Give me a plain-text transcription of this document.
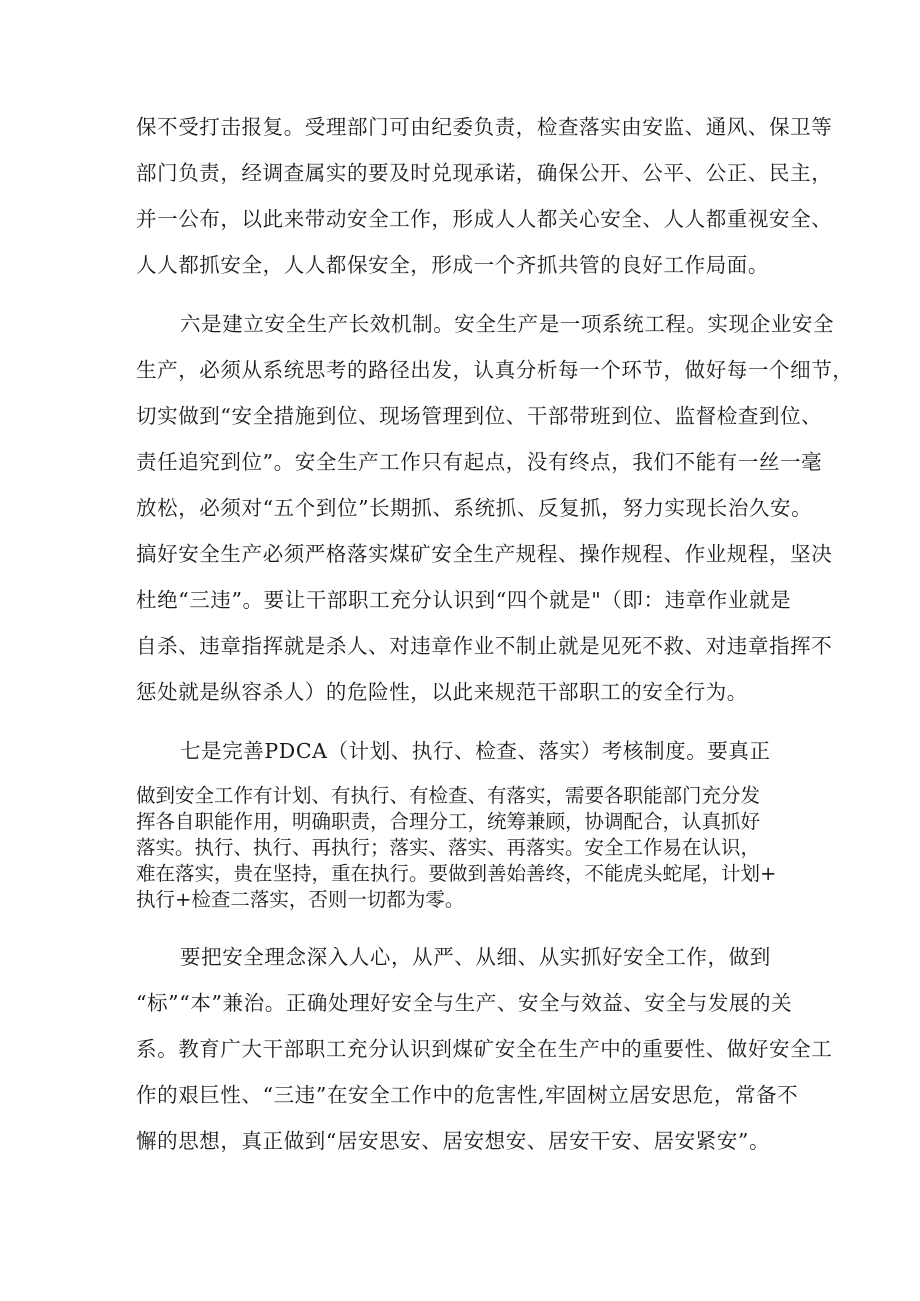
保不受打击报复。受理部门可由纪委负责，检查落实由安监、通风、保卫等
部门负责，经调查属实的要及时兑现承诺，确保公开、公平、公正、民主，
并一公布，以此来带动安全工作，形成人人都关心安全、人人都重视安全、
人人都抓安全，人人都保安全，形成一个齐抓共管的良好工作局面。
六是建立安全生产长效机制。安全生产是一项系统工程。实现企业安全
生产，必须从系统思考的路径出发，认真分析每一个环节，做好每一个细节，
切实做到“安全措施到位、现场管理到位、干部带班到位、监督检查到位、
责任追究到位”。安全生产工作只有起点，没有终点，我们不能有一丝一毫
放松，必须对“五个到位”长期抓、系统抓、反复抓，努力实现长治久安。
搞好安全生产必须严格落实煤矿安全生产规程、操作规程、作业规程，坚决
杜绝“三违”。要让干部职工充分认识到“四个就是"（即：违章作业就是
自杀、违章指挥就是杀人、对违章作业不制止就是见死不救、对违章指挥不
惩处就是纵容杀人）的危险性，以此来规范干部职工的安全行为。
七是完善PDCA（计划、执行、检查、落实）考核制度。要真正
做到安全工作有计划、有执行、有检查、有落实，需要各职能部门充分发
挥各自职能作用，明确职责，合理分工，统筹兼顾，协调配合，认真抓好
落实。执行、执行、再执行；落实、落实、再落实。安全工作易在认识，
难在落实，贵在坚持，重在执行。要做到善始善终，不能虎头蛇尾，计划+
执行+检查二落实，否则一切都为零。
要把安全理念深入人心，从严、从细、从实抓好安全工作，做到
“标”“本”兼治。正确处理好安全与生产、安全与效益、安全与发展的关
系。教育广大干部职工充分认识到煤矿安全在生产中的重要性、做好安全工
作的艰巨性、“三违”在安全工作中的危害性,牢固树立居安思危，常备不
懈的思想，真正做到“居安思安、居安想安、居安干安、居安紧安”。
